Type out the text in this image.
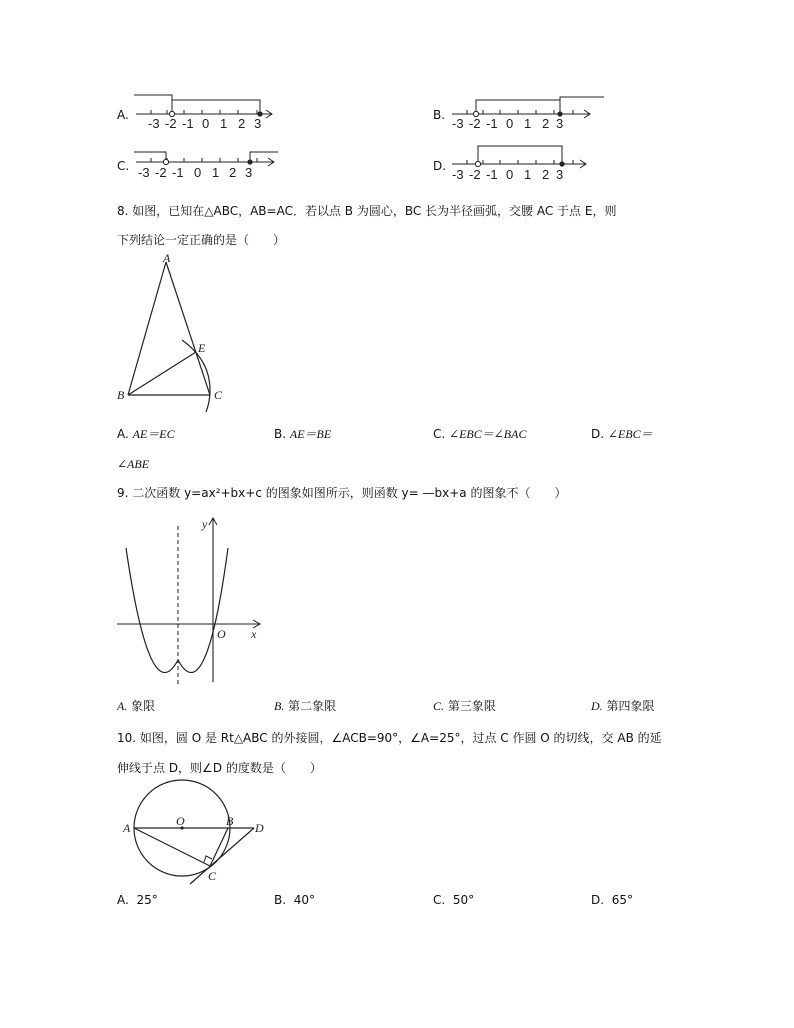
A.	B.
C.	D.
-3 -2 -1 0 1 2 3	-3 -2 -1 0 1 2 3
-3 -2 -1 0 1 2 3	-3 -2 -1 0 1 2 3
8. 如图，已知在△ABC，AB=AC．若以点 B 为圆心，BC 长为半径画弧，交腰 AC 于点 E，则
下列结论一定正确的是（　　）
A
B	C
E
A. AE＝EC	B. AE＝BE	C. ∠EBC＝∠BAC	D. ∠EBC＝
∠ABE
9. 二次函数 y=ax²+bx+c 的图象如图所示，则函数 y= —bx+a 的图象不（　　）
y
x
O
A. 象限	B. 第二象限	C. 第三象限	D. 第四象限
10. 如图，圆 O 是 Rt△ABC 的外接圆，∠ACB=90°，∠A=25°，过点 C 作圆 O 的切线，交 AB 的延
伸线于点 D，则∠D 的度数是（　　）
A	O	B D
C
A. 25°	B. 40°	C. 50°	D. 65°
